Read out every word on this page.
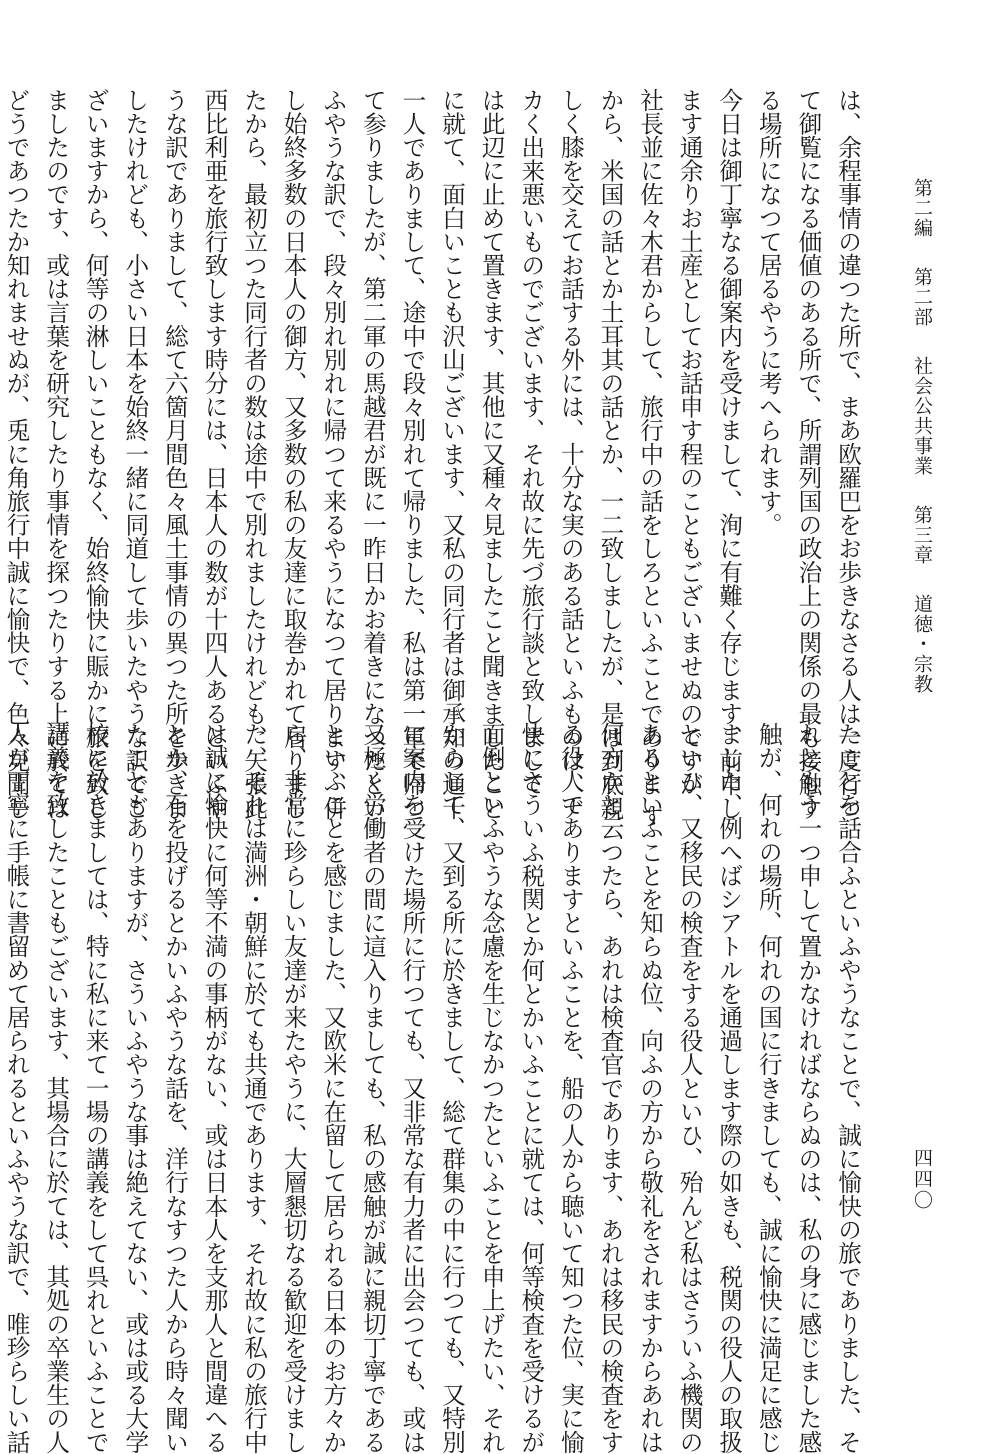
第二編 第二部 社会公共事業 第三章 道徳・宗教
四四〇
は、余程事情の違つた所で、まあ欧羅巴をお歩きなさる人は一度行つ
て御覧になる価値のある所で、所謂列国の政治上の関係の最も接触す
る場所になつて居るやうに考へられます。
今日は御丁寧なる御案内を受けまして、洵に有難く存じます、前申し
ます通余りお土産としてお話申す程のこともございませぬのですが
社長並に佐々木君からして、旅行中の話をしろといふことでありま す
から、米国の話とか土耳其の話とか、一二致しましたが、是は到底親
しく膝を交えてお話する外には、十分な実のある話といふものは、ナ
カく出来悪いものでございます、それ故に先づ旅行談と致しまして
は此辺に止めて置きます、其他に又種々見ましたこと聞きましたこと
に就て、面白いことも沢山ございます、又私の同行者は御承知の通十
一人でありまして、途中で段々別れて帰りました、私は第一軍で帰つ
て参りましたが、第二軍の馬越君が既に一昨日かお着きになつたとい
ふやうな訳で、段々別れ別れに帰つて来るやうになつて居ります、併
し始終多数の日本人の御方、又多数の私の友達に取巻かれて居りまし
たから、最初立つた同行者の数は途中で別れましたけれども、矢張此
西比利亜を旅行致します時分には、日本人の数が十四人あるといふや
うな訳でありまして、総て六箇月間色々風土事情の異つた所を歩きま
したけれども、小さい日本を始終一緒に同道して歩いたやうな訳でご
ざいますから、何等の淋しいこともなく、始終愉快に賑かに旅を致し
ましたのです、或は言葉を研究したり事情を探つたりする上に於ては
どうであつたか知れませぬが、兎に角旅行中誠に愉快で、色々見聞し
たことを話合ふといふやうなことで、誠に愉快の旅でありました、そ
れともう一つ申して置かなければならぬのは、私の身に感じました感
触が、何れの場所、何れの国に行きましても、誠に愉快に満足に感じ
ました、例へばシアトルを通過します際の如きも、税関の役人の取扱
といひ、又移民の検査をする役人といひ、殆んど私はさういふ機関の
あるといふことを知らぬ位、向ふの方から敬礼をされますからあれは
何方かと云つたら、あれは検査官であります、あれは移民の検査をす
る役人でありますといふことを、船の人から聴いて知つた位、実に愉
快にさういふ税関とか何とかいふことに就ては、何等検査を受けるが
面倒といふやうな念慮を生じなかつたといふことを申上げたい、それ
からして、又到る所に於きまして、総て群集の中に行つても、又特別
に案内を受けた場所に行つても、又非常な有力者に出会つても、或は
又極く労働者の間に這入りましても、私の感触が誠に親切丁寧である
といふことを感じました、又欧米に在留して居られる日本のお方々か
ら、非常に珍らしい友達が来たやうに、大層懇切なる歓迎を受けまし
た、それは満洲・朝鮮に於ても共通であります、それ故に私の旅行中
は誠に愉快に何等不満の事柄がない、或は日本人を支那人と間違へる
とか、石を投げるとかいふやうな話を、洋行なすつた人から時々聞い
たこともありますが、さういふやうな事は絶えてない、或は或る大学
校に於きましては、特に私に来て一場の講義をして呉れといふことで
講義を致したこともございます、其場合に於ては、其処の卒業生の人
人が丁寧に手帳に書留めて居られるといふやうな訳で、唯珍らしい話
